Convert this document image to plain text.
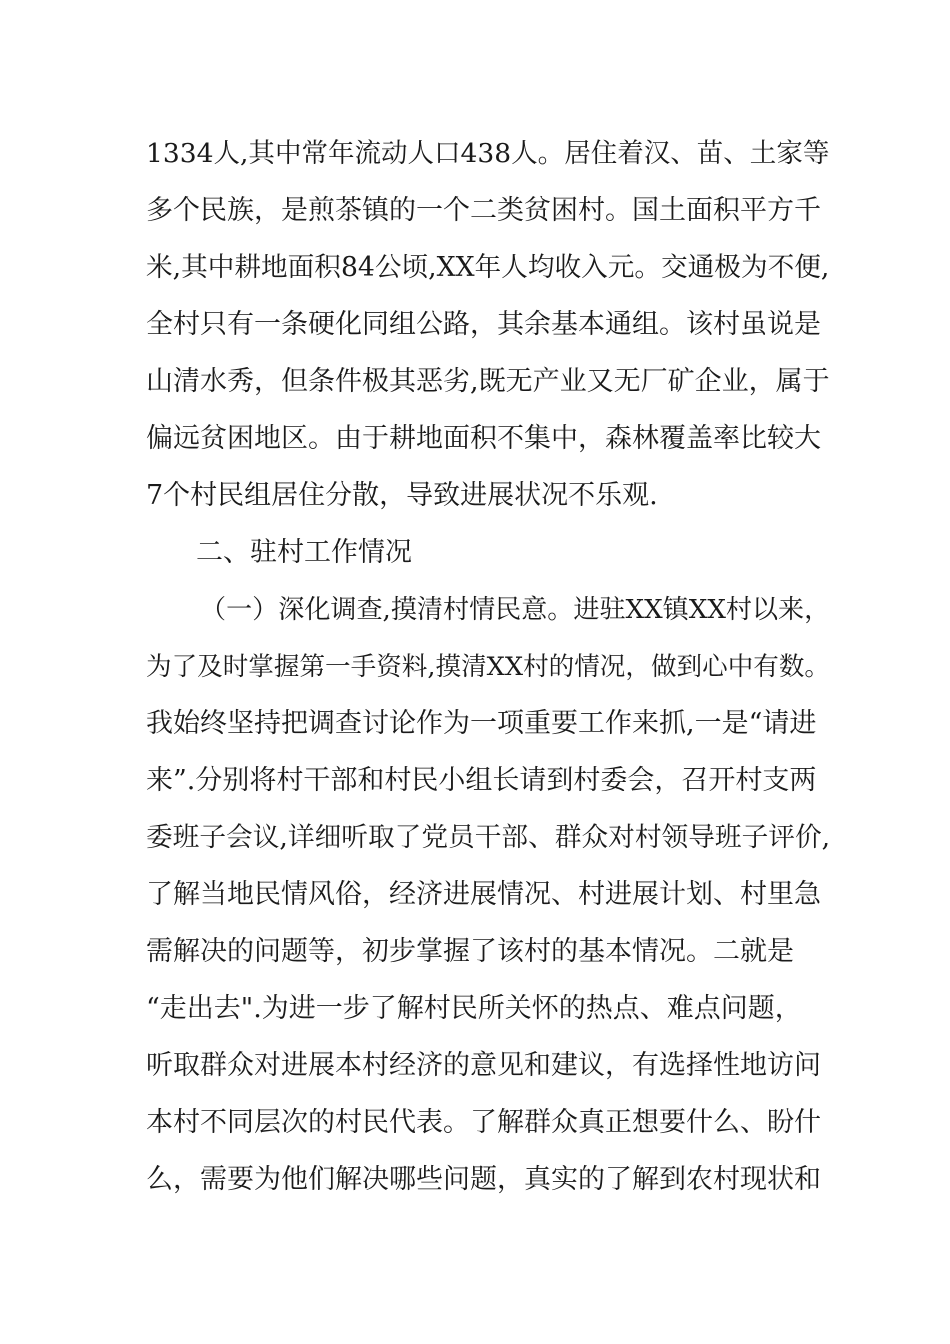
1334人,其中常年流动人口438人。居住着汉、苗、土家等
多个民族，是煎茶镇的一个二类贫困村。国土面积平方千
米,其中耕地面积84公顷,XX年人均收入元。交通极为不便,
全村只有一条硬化同组公路，其余基本通组。该村虽说是
山清水秀，但条件极其恶劣,既无产业又无厂矿企业，属于
偏远贫困地区。由于耕地面积不集中，森林覆盖率比较大
7个村民组居住分散，导致进展状况不乐观.
二、驻村工作情况
（一）深化调查,摸清村情民意。进驻XX镇XX村以来，
为了及时掌握第一手资料,摸清XX村的情况，做到心中有数。
我始终坚持把调查讨论作为一项重要工作来抓,一是“请进
来”.分别将村干部和村民小组长请到村委会，召开村支两
委班子会议,详细听取了党员干部、群众对村领导班子评价,
了解当地民情风俗，经济进展情况、村进展计划、村里急
需解决的问题等，初步掌握了该村的基本情况。二就是
“走出去".为进一步了解村民所关怀的热点、难点问题，
听取群众对进展本村经济的意见和建议，有选择性地访问
本村不同层次的村民代表。了解群众真正想要什么、盼什
么，需要为他们解决哪些问题，真实的了解到农村现状和
